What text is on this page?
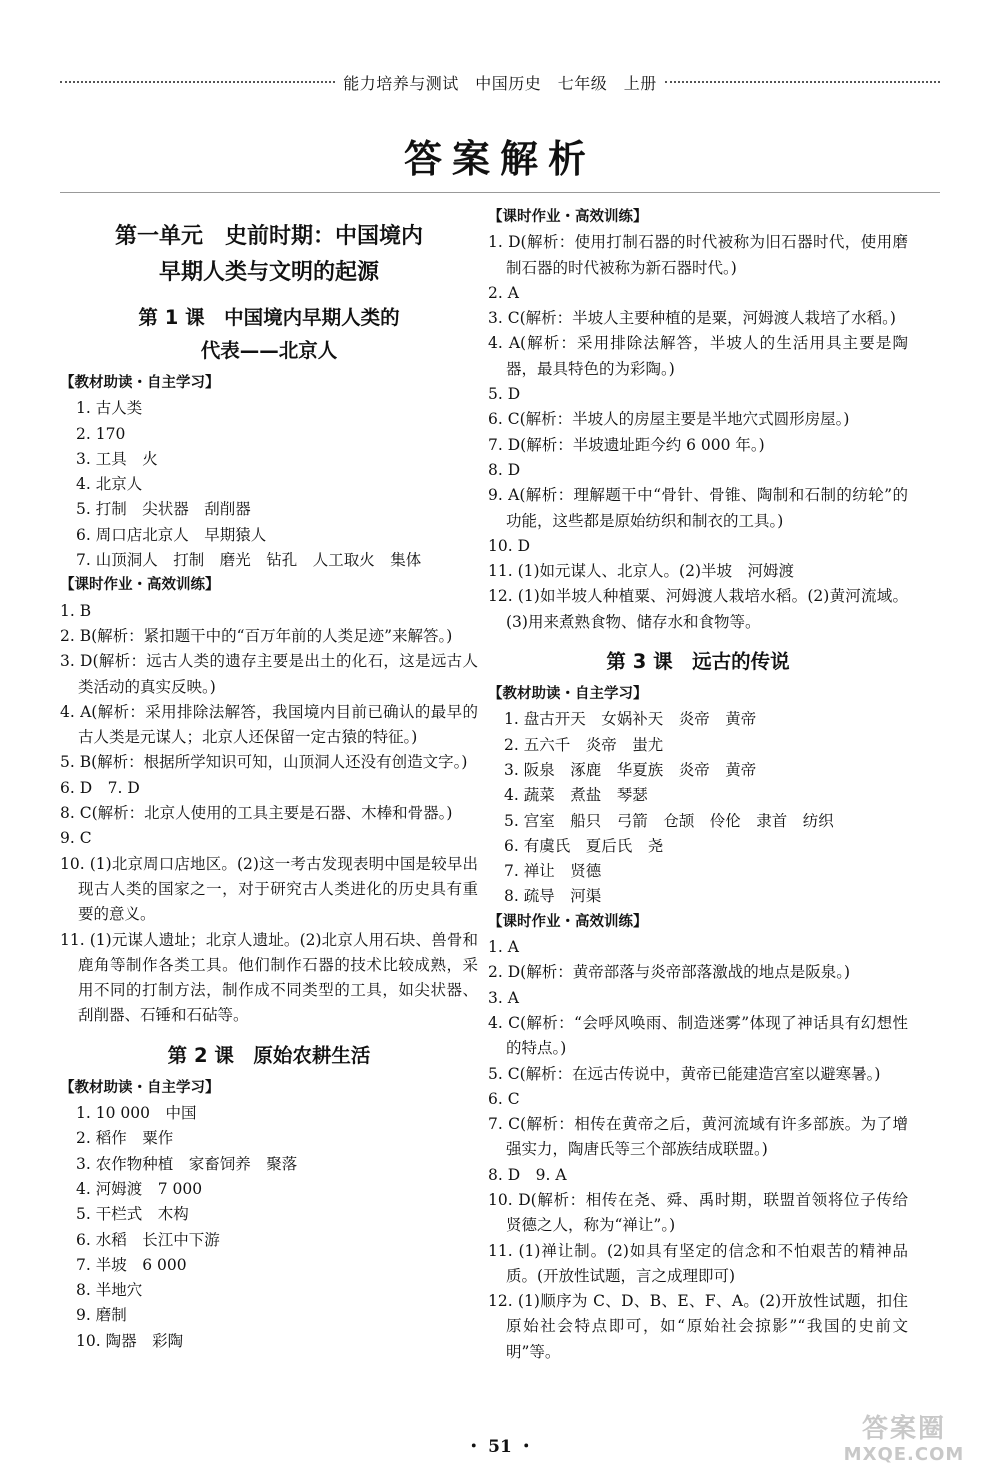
能力培养与测试　中国历史　七年级　上册
答案解析
第一单元　史前时期：中国境内
早期人类与文明的起源
第 1 课　中国境内早期人类的
代表——北京人
【教材助读・自主学习】
1. 古人类
2. 170
3. 工具　火
4. 北京人
5. 打制　尖状器　刮削器
6. 周口店北京人　早期猿人
7. 山顶洞人　打制　磨光　钻孔　人工取火　集体
【课时作业・高效训练】
1. B
2. B(解析：紧扣题干中的“百万年前的人类足迹”来解答。)
3. D(解析：远古人类的遗存主要是出土的化石，这是远古人类活动的真实反映。)
4. A(解析：采用排除法解答，我国境内目前已确认的最早的古人类是元谋人；北京人还保留一定古猿的特征。)
5. B(解析：根据所学知识可知，山顶洞人还没有创造文字。)
6. D　7. D
8. C(解析：北京人使用的工具主要是石器、木棒和骨器。)
9. C
10. (1)北京周口店地区。(2)这一考古发现表明中国是较早出现古人类的国家之一，对于研究古人类进化的历史具有重要的意义。
11. (1)元谋人遗址；北京人遗址。(2)北京人用石块、兽骨和鹿角等制作各类工具。他们制作石器的技术比较成熟，采用不同的打制方法，制作成不同类型的工具，如尖状器、刮削器、石锤和石砧等。
第 2 课　原始农耕生活
【教材助读・自主学习】
1. 10 000　中国
2. 稻作　粟作
3. 农作物种植　家畜饲养　聚落
4. 河姆渡　7 000
5. 干栏式　木构
6. 水稻　长江中下游
7. 半坡　6 000
8. 半地穴
9. 磨制
10. 陶器　彩陶
【课时作业・高效训练】
1. D(解析：使用打制石器的时代被称为旧石器时代，使用磨制石器的时代被称为新石器时代。)
2. A
3. C(解析：半坡人主要种植的是粟，河姆渡人栽培了水稻。)
4. A(解析：采用排除法解答，半坡人的生活用具主要是陶器，最具特色的为彩陶。)
5. D
6. C(解析：半坡人的房屋主要是半地穴式圆形房屋。)
7. D(解析：半坡遗址距今约 6 000 年。)
8. D
9. A(解析：理解题干中“骨针、骨锥、陶制和石制的纺轮”的功能，这些都是原始纺织和制衣的工具。)
10. D
11. (1)如元谋人、北京人。(2)半坡　河姆渡
12. (1)如半坡人种植粟、河姆渡人栽培水稻。(2)黄河流域。(3)用来煮熟食物、储存水和食物等。
第 3 课　远古的传说
【教材助读・自主学习】
1. 盘古开天　女娲补天　炎帝　黄帝
2. 五六千　炎帝　蚩尤
3. 阪泉　涿鹿　华夏族　炎帝　黄帝
4. 蔬菜　煮盐　琴瑟
5. 宫室　船只　弓箭　仓颉　伶伦　隶首　纺织
6. 有虞氏　夏后氏　尧
7. 禅让　贤德
8. 疏导　河渠
【课时作业・高效训练】
1. A
2. D(解析：黄帝部落与炎帝部落激战的地点是阪泉。)
3. A
4. C(解析：“会呼风唤雨、制造迷雾”体现了神话具有幻想性的特点。)
5. C(解析：在远古传说中，黄帝已能建造宫室以避寒暑。)
6. C
7. C(解析：相传在黄帝之后，黄河流域有许多部族。为了增强实力，陶唐氏等三个部族结成联盟。)
8. D　9. A
10. D(解析：相传在尧、舜、禹时期，联盟首领将位子传给贤德之人，称为“禅让”。)
11. (1)禅让制。(2)如具有坚定的信念和不怕艰苦的精神品质。(开放性试题，言之成理即可)
12. (1)顺序为 C、D、B、E、F、A。(2)开放性试题，扣住原始社会特点即可，如“原始社会掠影”“我国的史前文明”等。
・ 51 ・
答案圈
MXQE.COM
